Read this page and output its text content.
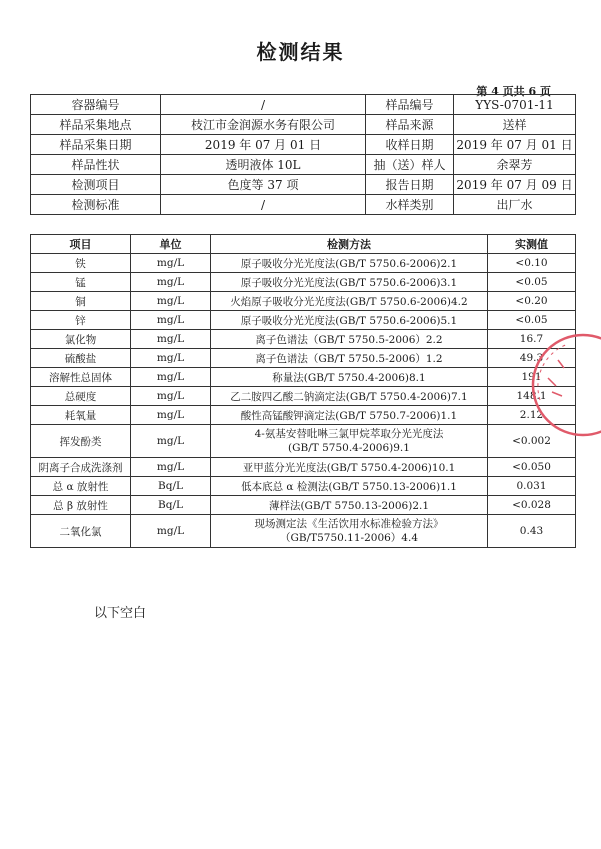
检测结果
第 4 页共 6 页
容器编号	/	样品编号	YYS-0701-11
样品采集地点	枝江市金润源水务有限公司	样品来源	送样
样品采集日期	2019 年 07 月 01 日	收样日期	2019 年 07 月 01 日
样品性状	透明液体 10L	抽（送）样人	余翠芳
检测项目	色度等 37 项	报告日期	2019 年 07 月 09 日
检测标准	/	水样类别	出厂水
项目	单位	检测方法	实测值
铁	mg/L	原子吸收分光光度法(GB/T 5750.6-2006)2.1	<0.10
锰	mg/L	原子吸收分光光度法(GB/T 5750.6-2006)3.1	<0.05
铜	mg/L	火焰原子吸收分光光度法(GB/T 5750.6-2006)4.2	<0.20
锌	mg/L	原子吸收分光光度法(GB/T 5750.6-2006)5.1	<0.05
氯化物	mg/L	离子色谱法（GB/T 5750.5-2006）2.2	16.7
硫酸盐	mg/L	离子色谱法（GB/T 5750.5-2006）1.2	49.3
溶解性总固体	mg/L	称量法(GB/T 5750.4-2006)8.1	191
总硬度	mg/L	乙二胺四乙酸二钠滴定法(GB/T 5750.4-2006)7.1	148.1
耗氧量	mg/L	酸性高锰酸钾滴定法(GB/T 5750.7-2006)1.1	2.12
挥发酚类	mg/L	4-氨基安替吡啉三氯甲烷萃取分光光度法
(GB/T 5750.4-2006)9.1	<0.002
阴离子合成洗涤剂	mg/L	亚甲蓝分光光度法(GB/T 5750.4-2006)10.1	<0.050
总 α 放射性	Bq/L	低本底总 α 检测法(GB/T 5750.13-2006)1.1	0.031
总 β 放射性	Bq/L	薄样法(GB/T 5750.13-2006)2.1	<0.028
二氧化氯	mg/L	现场测定法《生活饮用水标准检验方法》
（GB/T5750.11-2006）4.4	0.43
以下空白
